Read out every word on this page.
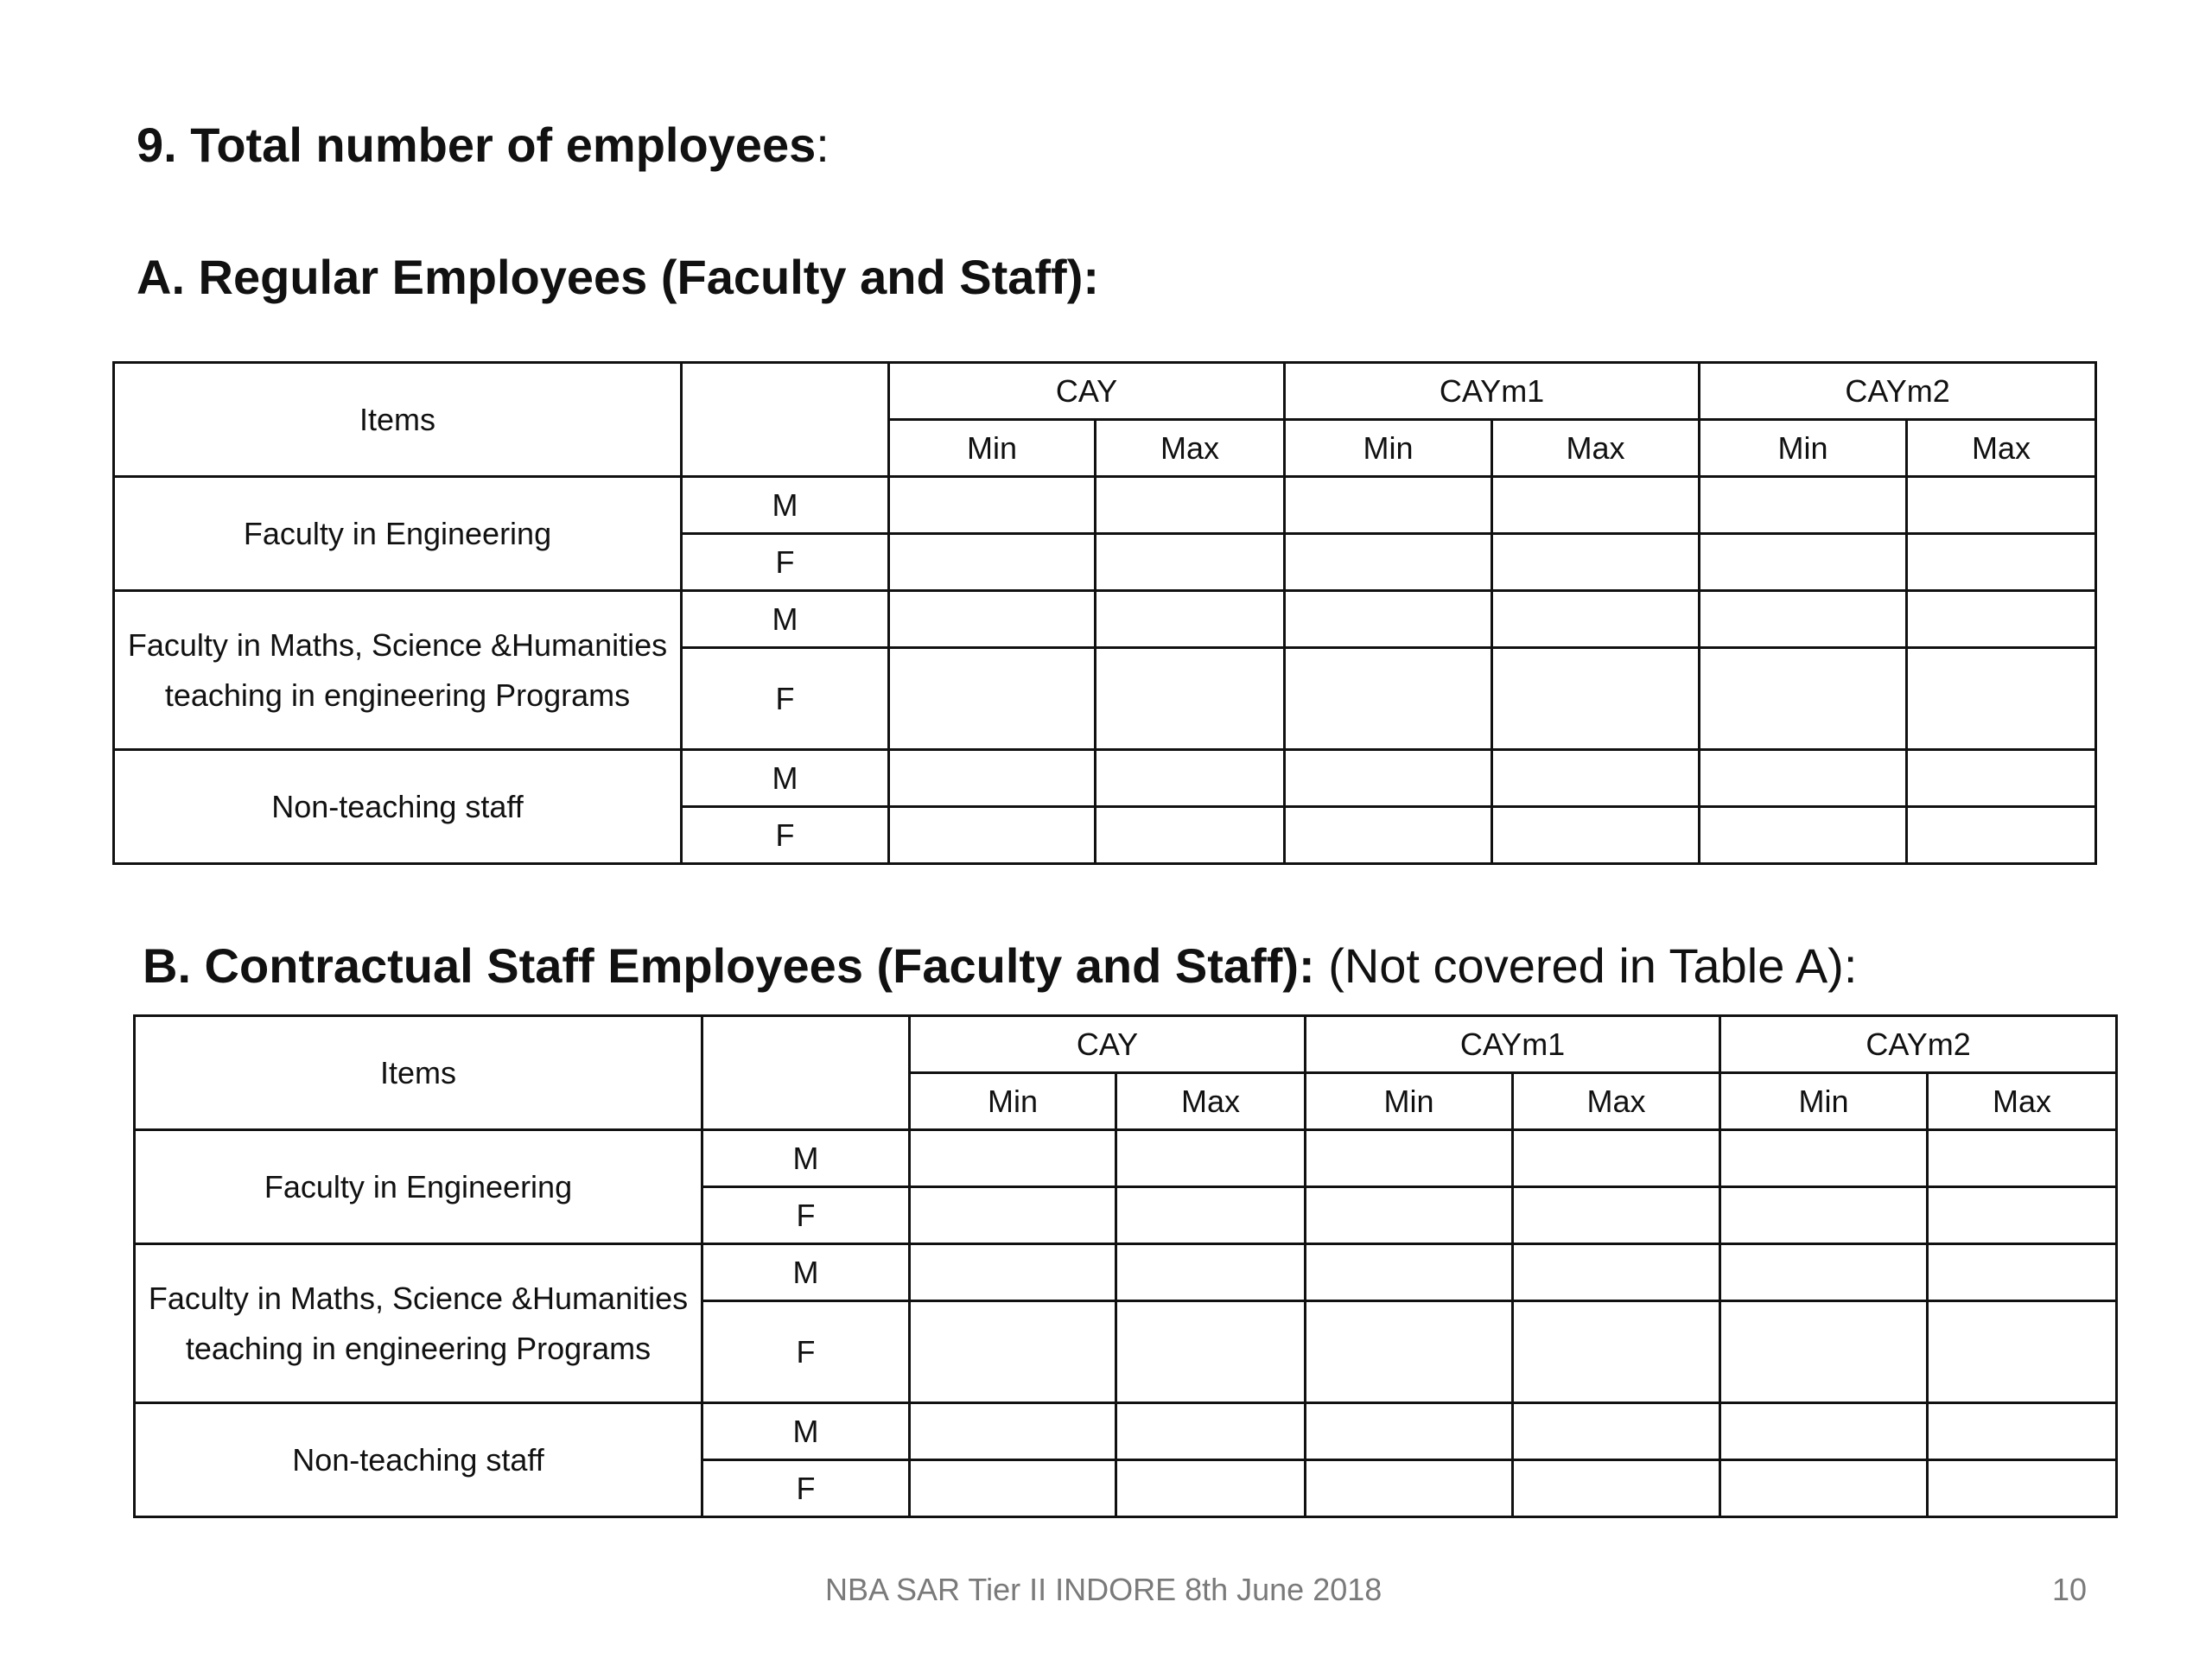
9. Total number of employees:
A. Regular Employees (Faculty and Staff):
Items		CAY		CAYm1		CAYm2	
		Min	Max	Min	Max	Min	Max
Faculty in Engineering	M						
	F						
Faculty in Maths, Science &Humanities teaching in engineering Programs	M						
	F						
Non-teaching staff	M						
	F						
B. Contractual Staff Employees (Faculty and Staff): (Not covered in Table A):
Items		CAY		CAYm1		CAYm2	
		Min	Max	Min	Max	Min	Max
Faculty in Engineering	M						
	F						
Faculty in Maths, Science &Humanities teaching in engineering Programs	M						
	F						
Non-teaching staff	M						
	F						
NBA SAR Tier II INDORE 8th June 2018	10
